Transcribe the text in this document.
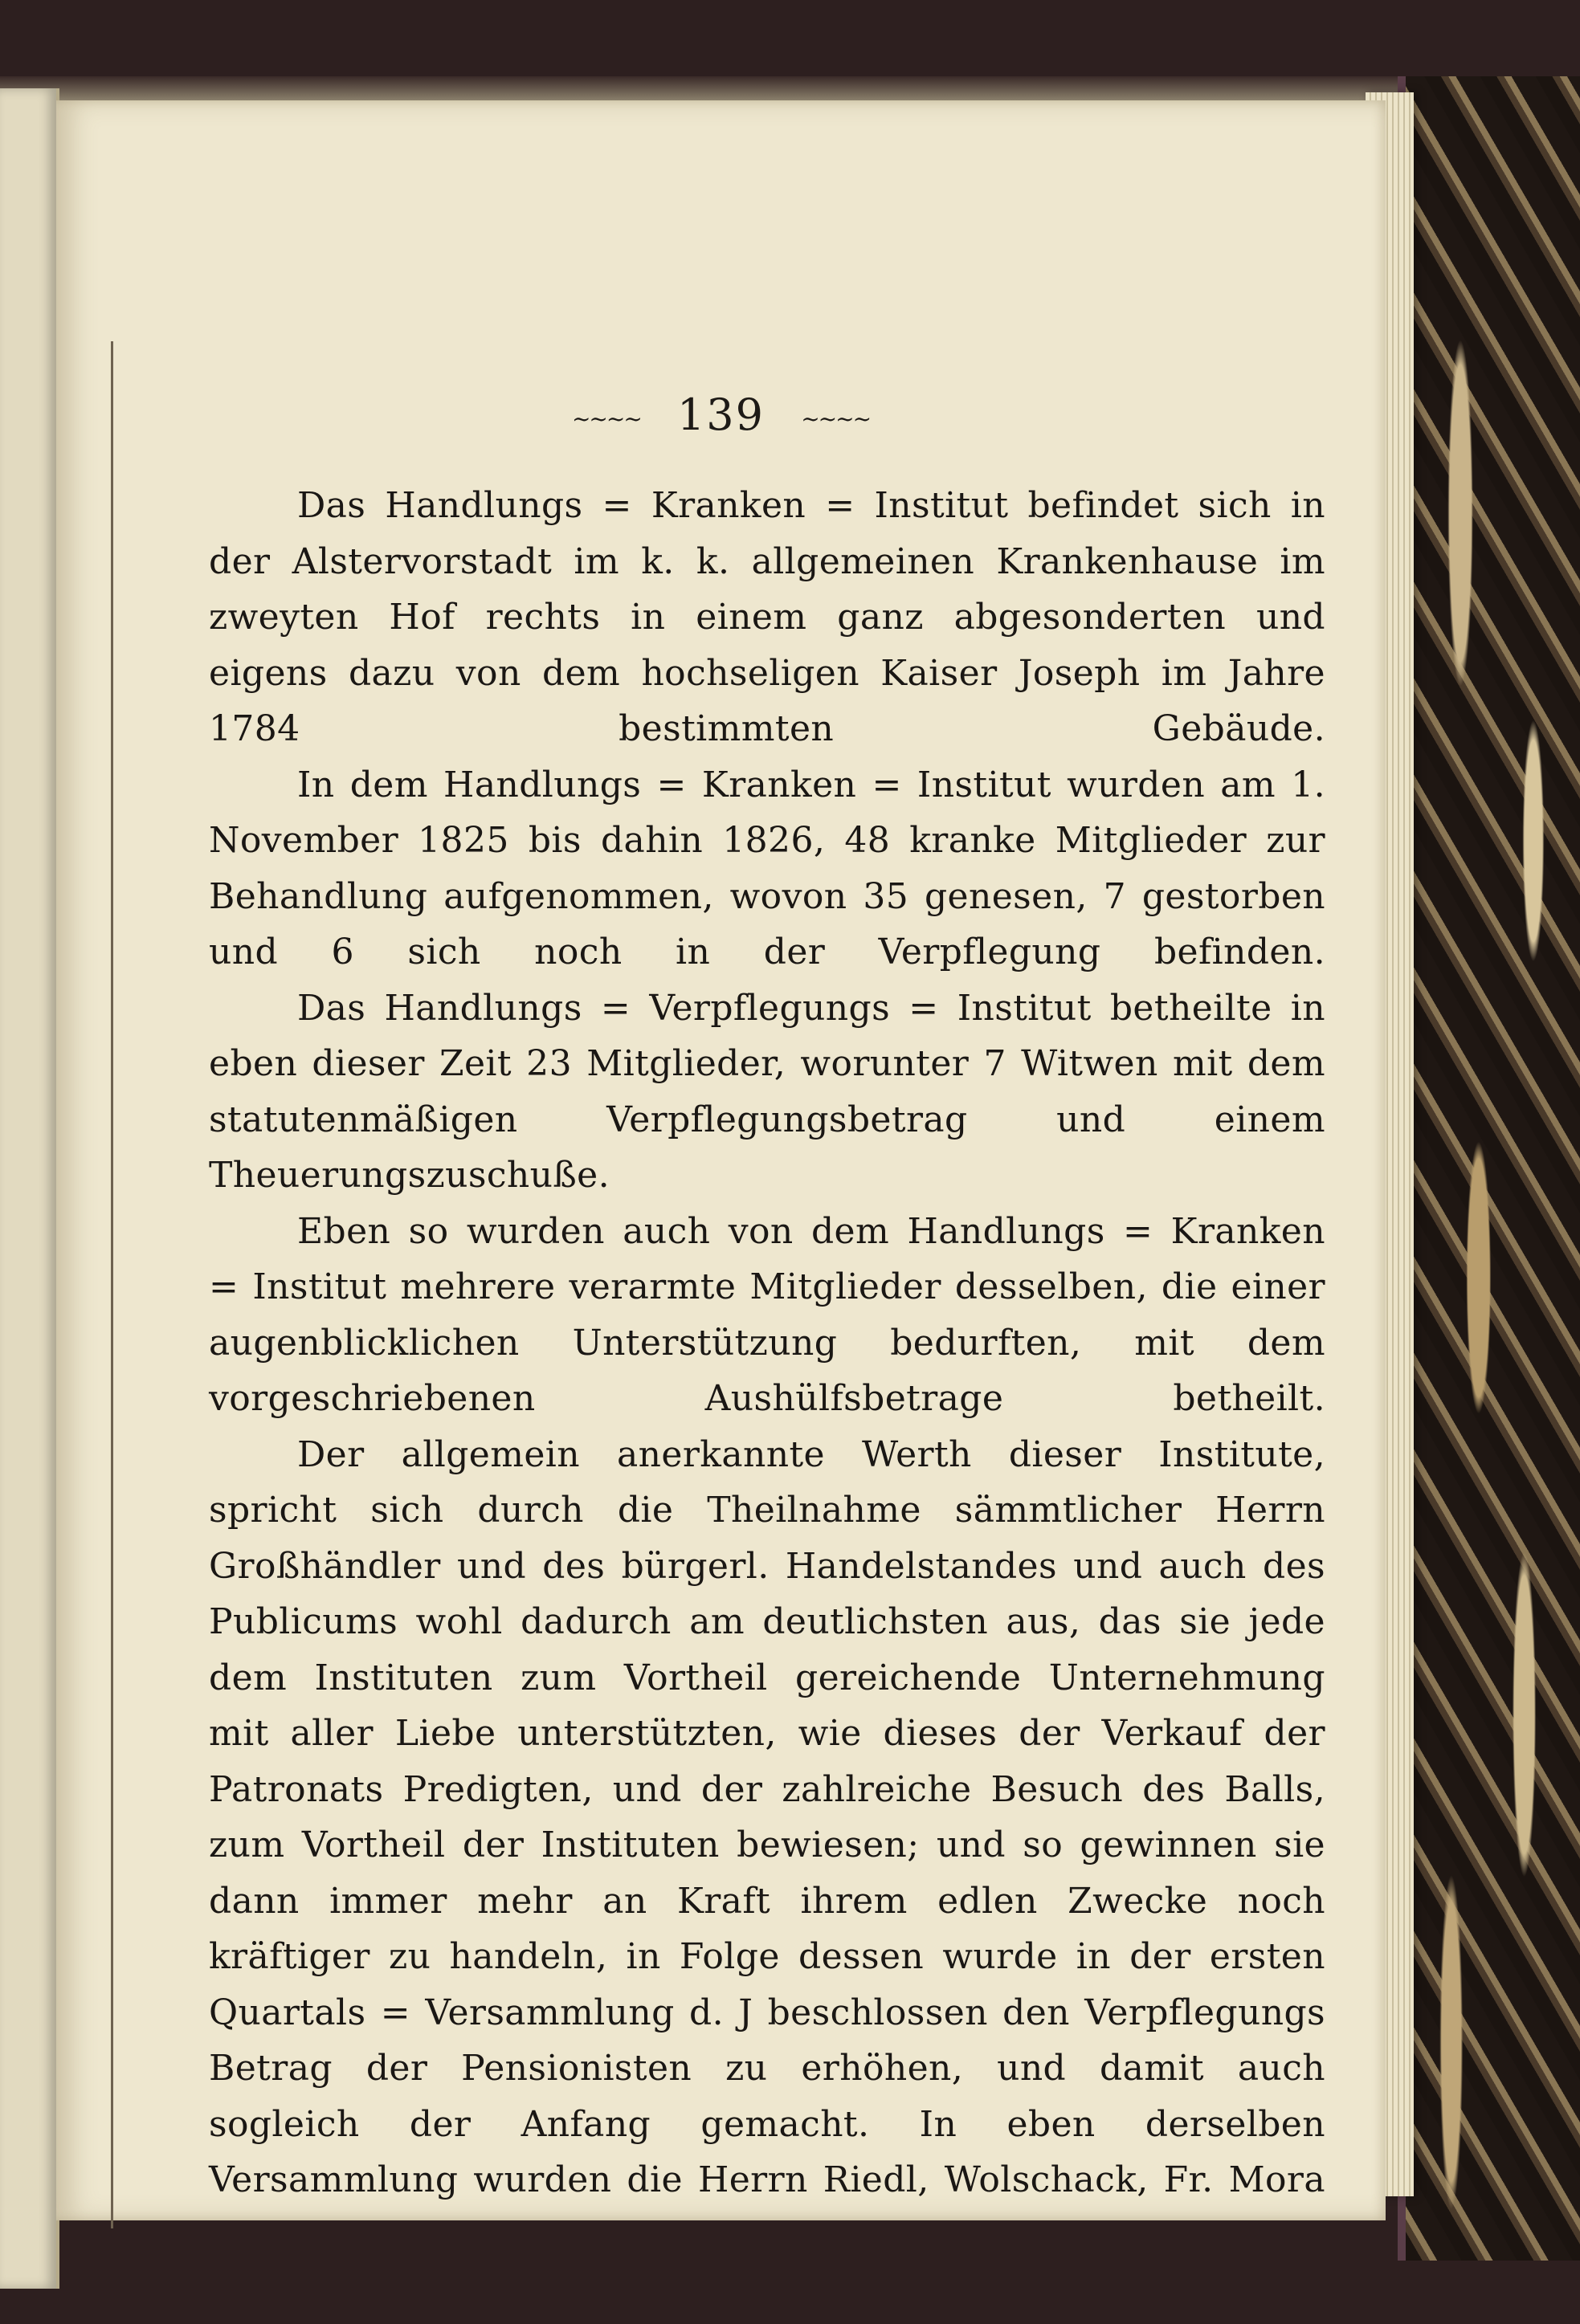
~~~~ 139 ~~~~

Das Handlungs = Kranken = Institut befindet sich in der Alstervorstadt im k. k. allgemeinen Krankenhause im zweyten Hof rechts in einem ganz abgesonderten und eigens dazu von dem hochseligen Kaiser Joseph im Jahre 1784 bestimmten Gebäude.

In dem Handlungs = Kranken = Institut wurden am 1. November 1825 bis dahin 1826, 48 kranke Mitglieder zur Behandlung aufgenommen, wovon 35 genesen, 7 gestorben und 6 sich noch in der Verpflegung befinden.

Das Handlungs = Verpflegungs = Institut betheilte in eben dieser Zeit 23 Mitglieder, worunter 7 Witwen mit dem statutenmäßigen Verpflegungsbetrag und einem Theuerungszuschuße.

Eben so wurden auch von dem Handlungs = Kranken = Institut mehrere verarmte Mitglieder desselben, die einer augenblicklichen Unterstützung bedurften, mit dem vorgeschriebenen Aushülfsbetrage betheilt.

Der allgemein anerkannte Werth dieser Institute, spricht sich durch die Theilnahme sämmtlicher Herrn Großhändler und des bürgerl. Handelstandes und auch des Publicums wohl dadurch am deutlichsten aus, das sie jede dem Instituten zum Vortheil gereichende Unternehmung mit aller Liebe unterstützten, wie dieses der Verkauf der Patronats Predigten, und der zahlreiche Besuch des Balls, zum Vortheil der Instituten bewiesen; und so gewinnen sie dann immer mehr an Kraft ihrem edlen Zwecke noch kräftiger zu handeln, in Folge dessen wurde in der ersten Quartals = Versammlung d. J beschlossen den Verpflegungs Betrag der Pensionisten zu erhöhen, und damit auch sogleich der Anfang gemacht. In eben derselben Versammlung wurden die Herrn Riedl, Wolschack, Fr. Mora
